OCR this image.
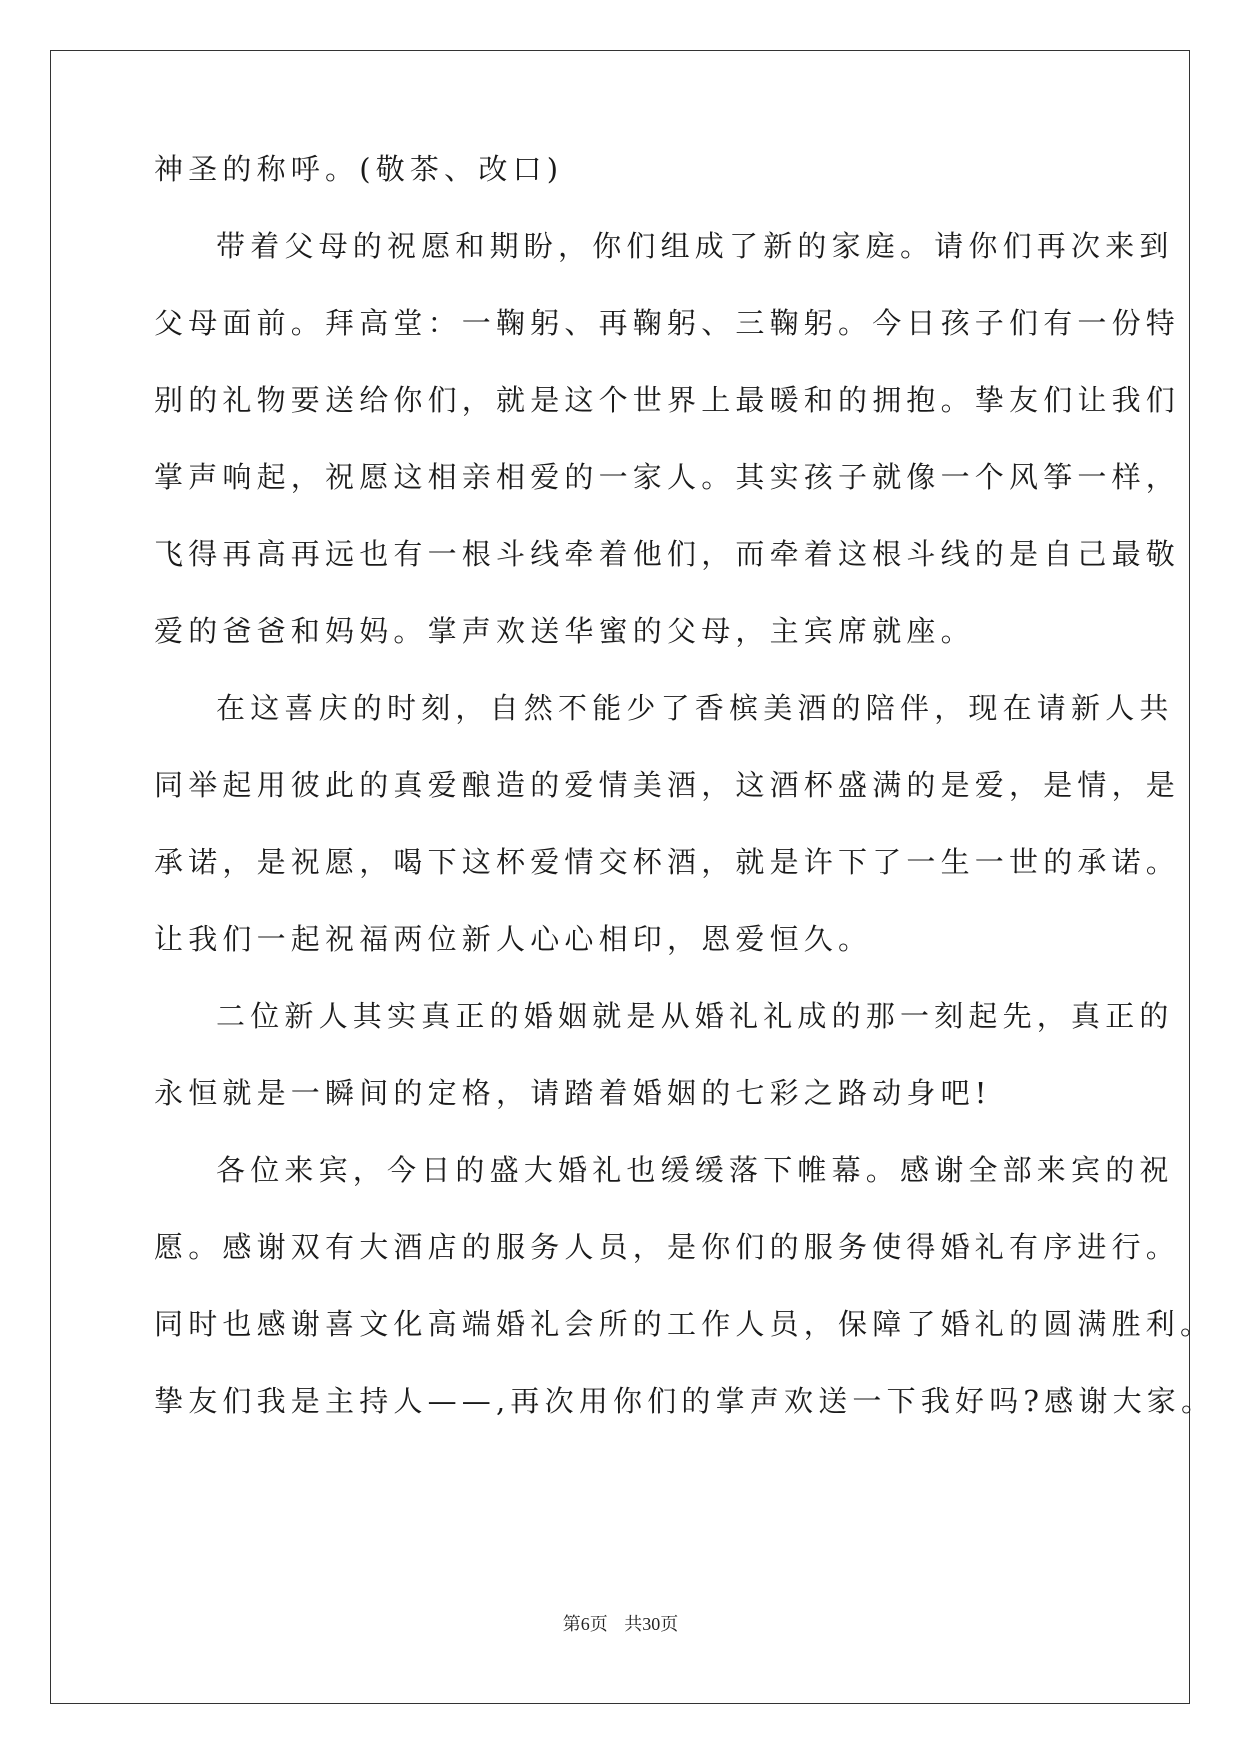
神圣的称呼。(敬茶、改口)
带着父母的祝愿和期盼，你们组成了新的家庭。请你们再次来到
父母面前。拜高堂：一鞠躬、再鞠躬、三鞠躬。今日孩子们有一份特
别的礼物要送给你们，就是这个世界上最暖和的拥抱。挚友们让我们
掌声响起，祝愿这相亲相爱的一家人。其实孩子就像一个风筝一样，
飞得再高再远也有一根斗线牵着他们，而牵着这根斗线的是自己最敬
爱的爸爸和妈妈。掌声欢送华蜜的父母，主宾席就座。
在这喜庆的时刻，自然不能少了香槟美酒的陪伴，现在请新人共
同举起用彼此的真爱酿造的爱情美酒，这酒杯盛满的是爱，是情，是
承诺，是祝愿，喝下这杯爱情交杯酒，就是许下了一生一世的承诺。
让我们一起祝福两位新人心心相印，恩爱恒久。
二位新人其实真正的婚姻就是从婚礼礼成的那一刻起先，真正的
永恒就是一瞬间的定格，请踏着婚姻的七彩之路动身吧!
各位来宾，今日的盛大婚礼也缓缓落下帷幕。感谢全部来宾的祝
愿。感谢双有大酒店的服务人员，是你们的服务使得婚礼有序进行。
同时也感谢喜文化高端婚礼会所的工作人员，保障了婚礼的圆满胜利。
挚友们我是主持人——,再次用你们的掌声欢送一下我好吗?感谢大家。
第6页 共30页
